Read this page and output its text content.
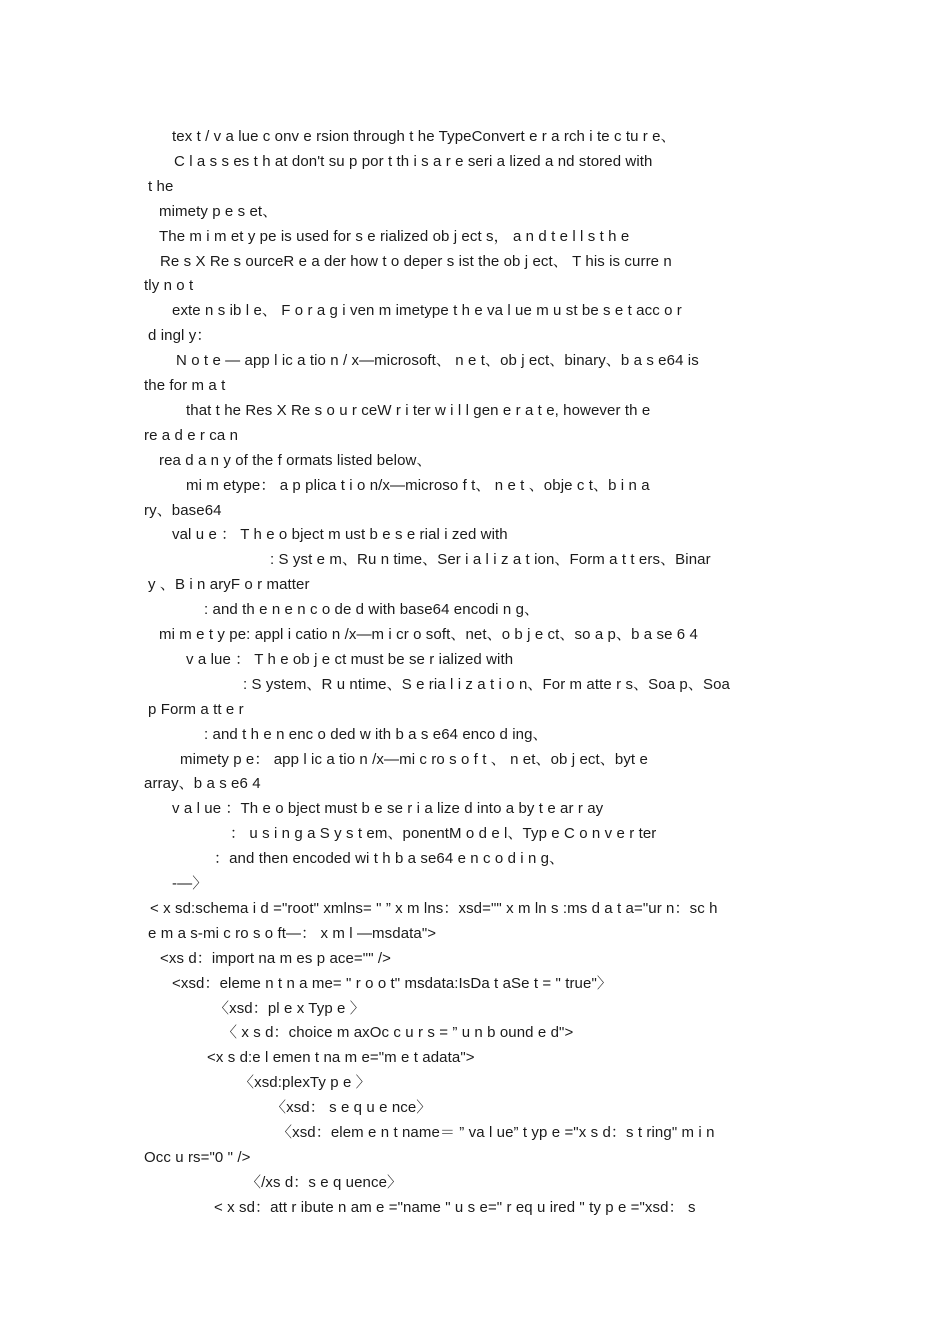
tex t / v a lue c onv e rsion through t he TypeConvert e r a rch i te c tu r e、
C l a s s es t h at don't su p por t th i s a r e seri a lized a nd stored with
t he
mimety p e s et、
The m i m et y pe is used for s e rialized ob j ect s， a n d t e l l s t h e
Re s X Re s ourceR e a der how t o deper s ist the ob j ect、 T his is curre n
tly n o t
exte n s ib l e、 F o r a g i ven m imetype t h e va l ue m u st be s e t acc o r
d ingl y：
N o t e — app l ic a tio n / x—microsoft、 n e t、ob j ect、binary、b a s e64 is
the for m a t
that t he Res X Re s o u r ceW r i ter w i l l gen e r a t e, however th e
re a d e r ca n
rea d a n y of the f ormats listed below、
mi m etype： a p plica t i o n/x—microso f t、 n e t 、obje c t、b i n a
ry、base64
val u e ： T h e o bject m ust b e s e rial i zed with
: S yst e m、Ru n time、Ser i a l i z a t ion、Form a t t ers、Binar
y 、B i n aryF o r matter
: and th e n e n c o de d with base64 encodi n g、
mi m e t y pe: appl i catio n /x—m i cr o soft、net、o b j e ct、so a p、b a se 6 4
v a lue ： T h e ob j e ct must be se r ialized with
: S ystem、R u ntime、S e ria l i z a t i o n、For m atte r s、Soa p、Soa
p Form a tt e r
: and t h e n enc o ded w ith b a s e64 enco d ing、
mimety p e： app l ic a tio n /x—mi c ro s o f t 、 n et、ob j ect、byt e
array、b a s e6 4
v a l ue ：Th e o bject must b e se r i a lize d into a by t e ar r ay
： u s i n g a S y s t em、ponentM o d e l、Typ e C o n v e r ter
：and then encoded wi t h b a se64 e n c o d i n g、
-—〉
< x sd:schema i d ="root" xmlns= " ” x m lns：xsd="" x m ln s :ms d a t a="ur n：sc h
e m a s-mi c ro s o ft—： x m l —msdata">
<xs d：import na m es p ace="" />
<xsd：eleme n t n a me= " r o o t" msdata:IsDa t aSe t = " true"〉
〈xsd：pl e x Typ e 〉
〈 x s d：choice m axOc c u r s = ” u n b ound e d">
<x s d:e l emen t na m e="m e t adata">
〈xsd:plexTy p e 〉
〈xsd： s e q u e nce〉
〈xsd：elem e n t name＝ ” va l ue” t yp e ="x s d：s t ring" m i n
Occ u rs="0 " />
〈/xs d：s e q uence〉
< x sd：att r ibute n am e ="name " u s e=" r eq u ired " ty p e ="xsd： s
